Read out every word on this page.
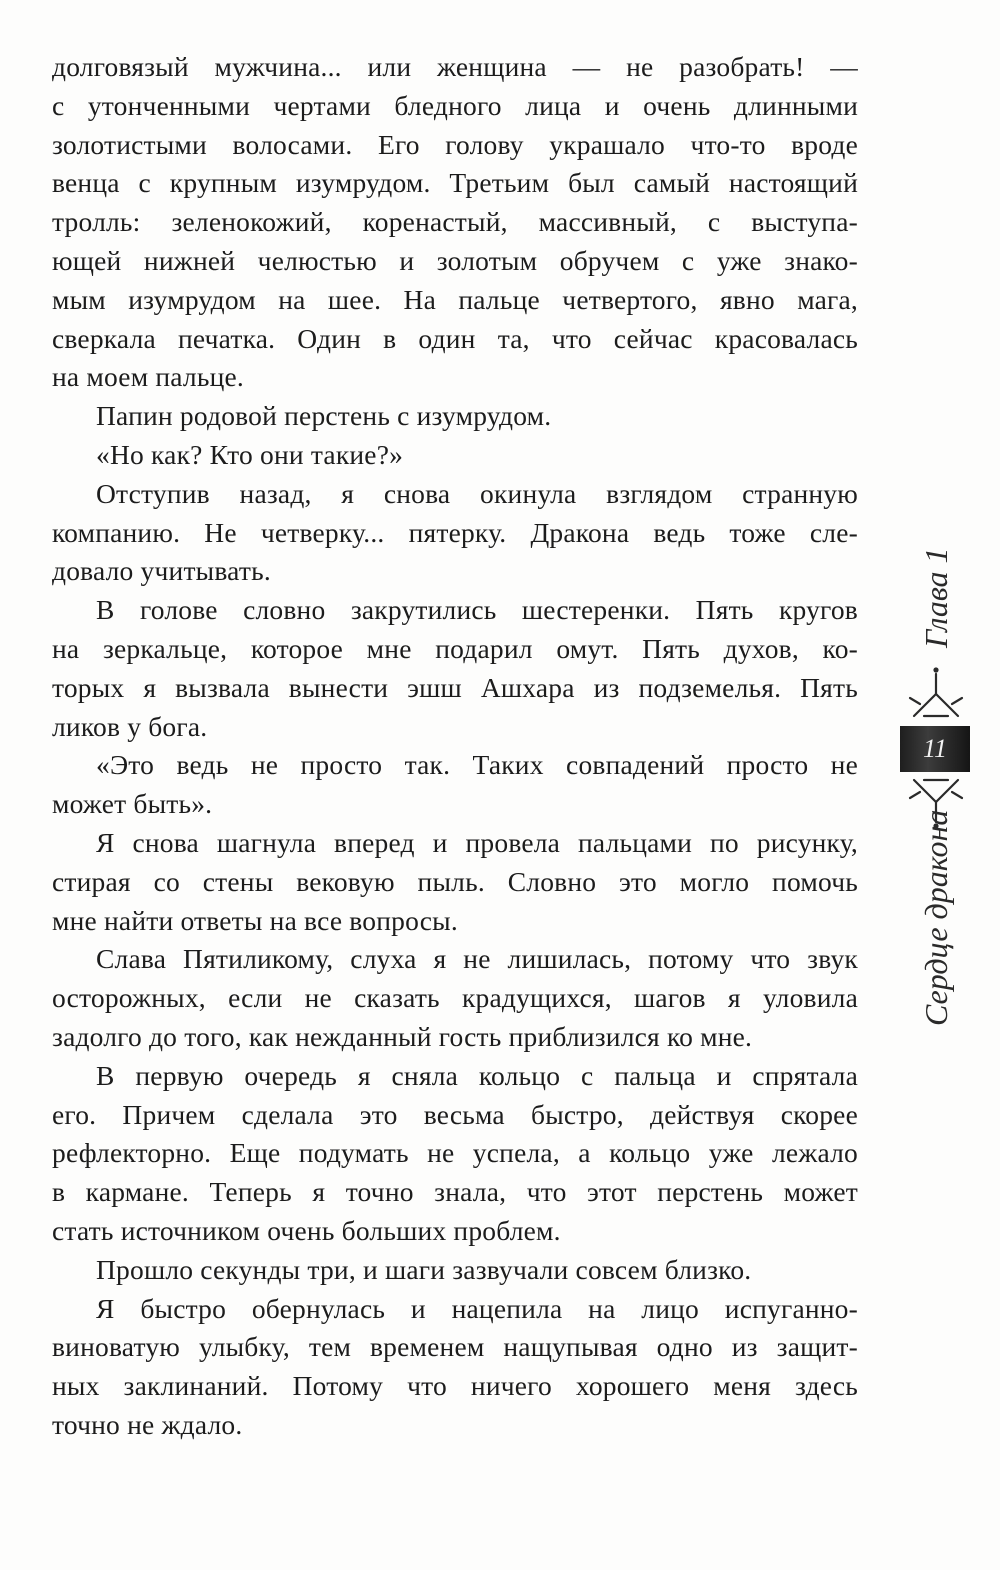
долговязый мужчина... или женщина — не разобрать! —
с утонченными чертами бледного лица и очень длинными
золотистыми волосами. Его голову украшало что-то вроде
венца с крупным изумрудом. Третьим был самый настоящий
тролль: зеленокожий, коренастый, массивный, с выступа-
ющей нижней челюстью и золотым обручем с уже знако-
мым изумрудом на шее. На пальце четвертого, явно мага,
сверкала печатка. Один в один та, что сейчас красовалась
на моем пальце.
Папин родовой перстень с изумрудом.
«Но как? Кто они такие?»
Отступив назад, я снова окинула взглядом странную
компанию. Не четверку... пятерку. Дракона ведь тоже сле-
довало учитывать.
В голове словно закрутились шестеренки. Пять кругов
на зеркальце, которое мне подарил омут. Пять духов, ко-
торых я вызвала вынести эшш Ашхара из подземелья. Пять
ликов у бога.
«Это ведь не просто так. Таких совпадений просто не
может быть».
Я снова шагнула вперед и провела пальцами по рисунку,
стирая со стены вековую пыль. Словно это могло помочь
мне найти ответы на все вопросы.
Слава Пятиликому, слуха я не лишилась, потому что звук
осторожных, если не сказать крадущихся, шагов я уловила
задолго до того, как нежданный гость приблизился ко мне.
В первую очередь я сняла кольцо с пальца и спрятала
его. Причем сделала это весьма быстро, действуя скорее
рефлекторно. Еще подумать не успела, а кольцо уже лежало
в кармане. Теперь я точно знала, что этот перстень может
стать источником очень больших проблем.
Прошло секунды три, и шаги зазвучали совсем близко.
Я быстро обернулась и нацепила на лицо испуганно-
виноватую улыбку, тем временем нащупывая одно из защит-
ных заклинаний. Потому что ничего хорошего меня здесь
точно не ждало.
Глава 1
11
Сердце дракона
